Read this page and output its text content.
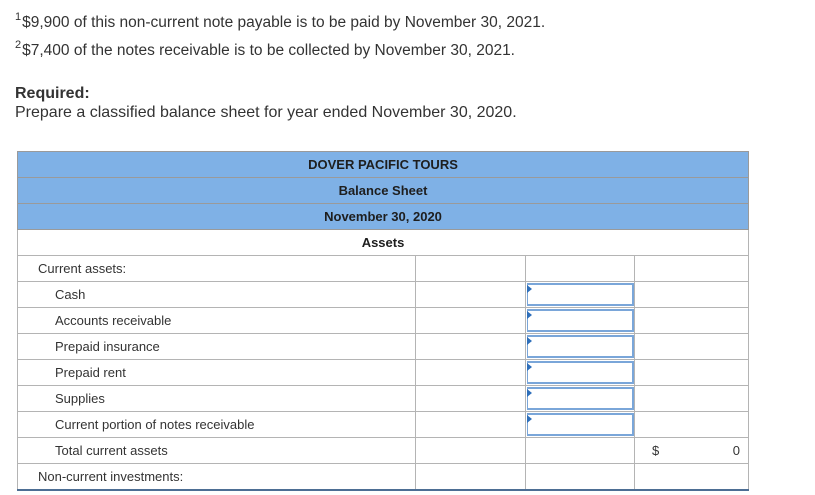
$^1$\$9,900 of this non-current note payable is to be paid by November 30, 2021.
$^2$\$7,400 of the notes receivable is to be collected by November 30, 2021.
Required:
Prepare a classified balance sheet for year ended November 30, 2020.
DOVER PACIFIC TOURS			
Balance Sheet			
November 30, 2020			
Assets			
Current assets:			
Cash		

Accounts receivable		

Prepaid insurance		

Prepaid rent		

Supplies		

Current portion of notes receivable		

Total current assets			$ 0
Non-current investments:			
